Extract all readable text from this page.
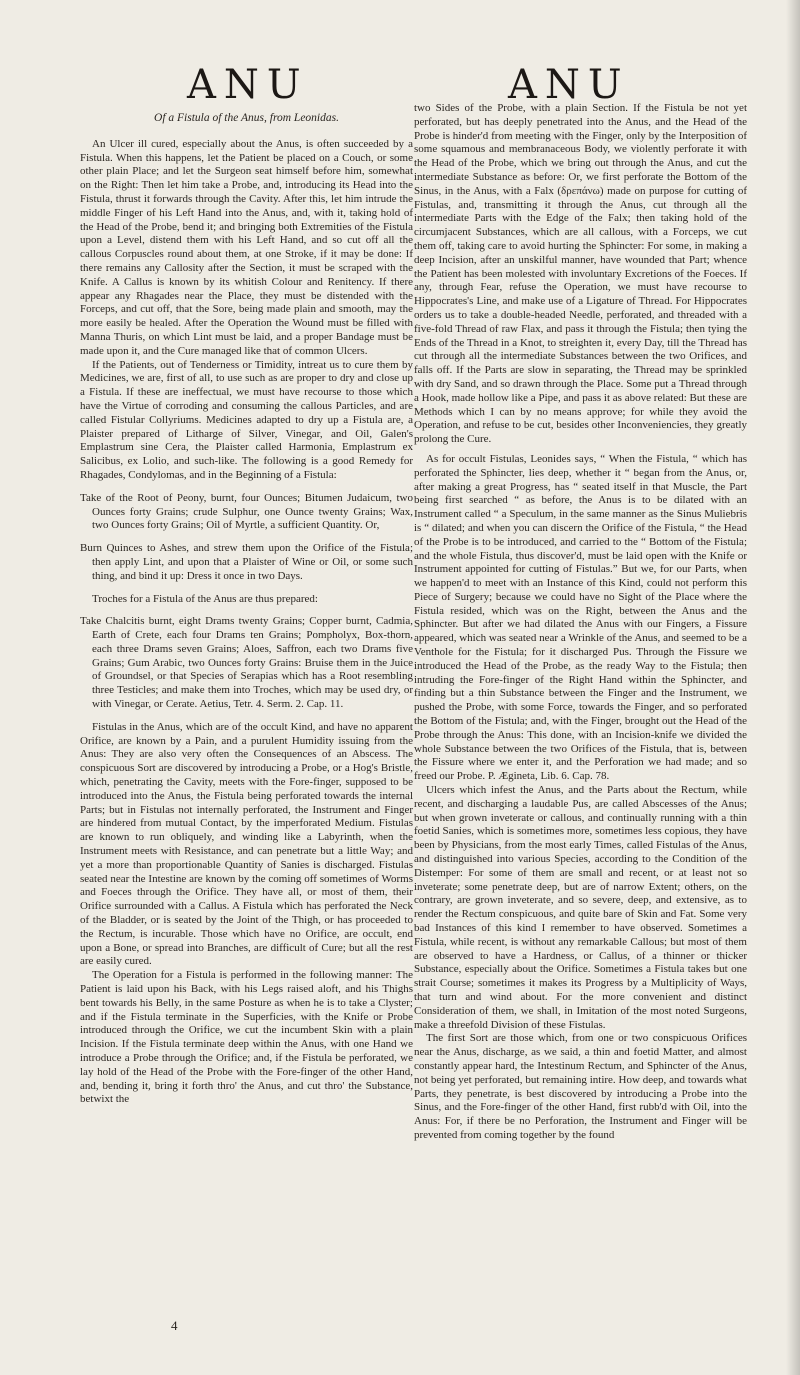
ANU	ANU
Of a Fistula of the Anus, from Leonidas.

An Ulcer ill cured, especially about the Anus, is often succeeded by a Fistula. When this happens, let the Patient be placed on a Couch, or some other plain Place; and let the Surgeon seat himself before him, somewhat on the Right: Then let him take a Probe, and, introducing its Head into the Fistula, thrust it forwards through the Cavity. After this, let him intrude the middle Finger of his Left Hand into the Anus, and, with it, taking hold of the Head of the Probe, bend it; and bringing both Extremities of the Fistula upon a Level, distend them with his Left Hand, and so cut off all the callous Corpuscles round about them, at one Stroke, if it may be done: If there remains any Callosity after the Section, it must be scraped with the Knife. A Callus is known by its whitish Colour and Renitency. If there appear any Rhagades near the Place, they must be distended with the Forceps, and cut off, that the Sore, being made plain and smooth, may the more easily be healed. After the Operation the Wound must be filled with Manna Thuris, on which Lint must be laid, and a proper Bandage must be made upon it, and the Cure managed like that of common Ulcers.

If the Patients, out of Tenderness or Timidity, intreat us to cure them by Medicines, we are, first of all, to use such as are proper to dry and close up a Fistula. If these are ineffectual, we must have recourse to those which have the Virtue of corroding and consuming the callous Particles, and are called Fistular Collyriums. Medicines adapted to dry up a Fistula are, a Plaister prepared of Litharge of Silver, Vinegar, and Oil, Galen's Emplastrum sine Cera, the Plaister called Harmonia, Emplastrum ex Salicibus, ex Lolio, and such-like. The following is a good Remedy for Rhagades, Condylomas, and in the Beginning of a Fistula:

Take of the Root of Peony, burnt, four Ounces; Bitumen Judaicum, two Ounces forty Grains; crude Sulphur, one Ounce twenty Grains; Wax, two Ounces forty Grains; Oil of Myrtle, a sufficient Quantity. Or,

Burn Quinces to Ashes, and strew them upon the Orifice of the Fistula; then apply Lint, and upon that a Plaister of Wine or Oil, or some such thing, and bind it up: Dress it once in two Days.

Troches for a Fistula of the Anus are thus prepared:

Take Chalcitis burnt, eight Drams twenty Grains; Copper burnt, Cadmia, Earth of Crete, each four Drams ten Grains; Pompholyx, Box-thorn, each three Drams seven Grains; Aloes, Saffron, each two Drams five Grains; Gum Arabic, two Ounces forty Grains: Bruise them in the Juice of Groundsel, or that Species of Serapias which has a Root resembling three Testicles; and make them into Troches, which may be used dry, or with Vinegar, or Cerate. Aetius, Tetr. 4. Serm. 2. Cap. 11.

Fistulas in the Anus, which are of the occult Kind, and have no apparent Orifice, are known by a Pain, and a purulent Humidity issuing from the Anus: They are also very often the Consequences of an Abscess. The conspicuous Sort are discovered by introducing a Probe, or a Hog's Bristle, which, penetrating the Cavity, meets with the Fore-finger, supposed to be introduced into the Anus, the Fistula being perforated towards the internal Parts; but in Fistulas not internally perforated, the Instrument and Finger are hindered from mutual Contact, by the imperforated Medium. Fistulas are known to run obliquely, and winding like a Labyrinth, when the Instrument meets with Resistance, and can penetrate but a little Way; and yet a more than proportionable Quantity of Sanies is discharged. Fistulas seated near the Intestine are known by the coming off sometimes of Worms and Foeces through the Orifice. They have all, or most of them, their Orifice surrounded with a Callus. A Fistula which has perforated the Neck of the Bladder, or is seated by the Joint of the Thigh, or has proceeded to the Rectum, is incurable. Those which have no Orifice, are occult, end upon a Bone, or spread into Branches, are difficult of Cure; but all the rest are easily cured.

The Operation for a Fistula is performed in the following manner: The Patient is laid upon his Back, with his Legs raised aloft, and his Thighs bent towards his Belly, in the same Posture as when he is to take a Clyster; and if the Fistula terminate in the Superficies, with the Knife or Probe introduced through the Orifice, we cut the incumbent Skin with a plain Incision. If the Fistula terminate deep within the Anus, with one Hand we introduce a Probe through the Orifice; and, if the Fistula be perforated, we lay hold of the Head of the Probe with the Fore-finger of the other Hand, and, bending it, bring it forth thro' the Anus, and cut thro' the Substance, betwixt the

two Sides of the Probe, with a plain Section. If the Fistula be not yet perforated, but has deeply penetrated into the Anus, and the Head of the Probe is hinder'd from meeting with the Finger, only by the Interposition of some squamous and membranaceous Body, we violently perforate it with the Head of the Probe, which we bring out through the Anus, and cut the intermediate Substance as before: Or, we first perforate the Bottom of the Sinus, in the Anus, with a Falx (δρεπάνω) made on purpose for cutting of Fistulas, and, transmitting it through the Anus, cut through all the intermediate Parts with the Edge of the Falx; then taking hold of the circumjacent Substances, which are all callous, with a Forceps, we cut them off, taking care to avoid hurting the Sphincter: For some, in making a deep Incision, after an unskilful manner, have wounded that Part; whence the Patient has been molested with involuntary Excretions of the Foeces. If any, through Fear, refuse the Operation, we must have recourse to Hippocrates's Line, and make use of a Ligature of Thread. For Hippocrates orders us to take a double-headed Needle, perforated, and threaded with a five-fold Thread of raw Flax, and pass it through the Fistula; then tying the Ends of the Thread in a Knot, to streighten it, every Day, till the Thread has cut through all the intermediate Substances between the two Orifices, and falls off. If the Parts are slow in separating, the Thread may be sprinkled with dry Sand, and so drawn through the Place. Some put a Thread through a Hook, made hollow like a Pipe, and pass it as above related: But these are Methods which I can by no means approve; for while they avoid the Operation, and refuse to be cut, besides other Inconveniencies, they greatly prolong the Cure.

As for occult Fistulas, Leonides says, “ When the Fistula, “ which has perforated the Sphincter, lies deep, whether it “ began from the Anus, or, after making a great Progress, has “ seated itself in that Muscle, the Part being first searched “ as before, the Anus is to be dilated with an Instrument called “ a Speculum, in the same manner as the Sinus Muliebris is “ dilated; and when you can discern the Orifice of the Fistula, “ the Head of the Probe is to be introduced, and carried to the “ Bottom of the Fistula; and the whole Fistula, thus discover'd, must be laid open with the Knife or Instrument appointed for cutting of Fistulas.” But we, for our Parts, when we happen'd to meet with an Instance of this Kind, could not perform this Piece of Surgery; because we could have no Sight of the Place where the Fistula resided, which was on the Right, between the Anus and the Sphincter. But after we had dilated the Anus with our Fingers, a Fissure appeared, which was seated near a Wrinkle of the Anus, and seemed to be a Venthole for the Fistula; for it discharged Pus. Through the Fissure we introduced the Head of the Probe, as the ready Way to the Fistula; then intruding the Fore-finger of the Right Hand within the Sphincter, and finding but a thin Substance between the Finger and the Instrument, we pushed the Probe, with some Force, towards the Finger, and so perforated the Bottom of the Fistula; and, with the Finger, brought out the Head of the Probe through the Anus: This done, with an Incision-knife we divided the whole Substance between the two Orifices of the Fistula, that is, between the Fissure where we enter it, and the Perforation we had made; and so freed our Probe. P. Ægineta, Lib. 6. Cap. 78.

Ulcers which infest the Anus, and the Parts about the Rectum, while recent, and discharging a laudable Pus, are called Abscesses of the Anus; but when grown inveterate or callous, and continually running with a thin foetid Sanies, which is sometimes more, sometimes less copious, they have been by Physicians, from the most early Times, called Fistulas of the Anus, and distinguished into various Species, according to the Condition of the Distemper: For some of them are small and recent, or at least not so inveterate; some penetrate deep, but are of narrow Extent; others, on the contrary, are grown inveterate, and so severe, deep, and extensive, as to render the Rectum conspicuous, and quite bare of Skin and Fat. Some very bad Instances of this kind I remember to have observed. Sometimes a Fistula, while recent, is without any remarkable Callous; but most of them are observed to have a Hardness, or Callus, of a thinner or thicker Substance, especially about the Orifice. Sometimes a Fistula takes but one strait Course; sometimes it makes its Progress by a Multiplicity of Ways, that turn and wind about. For the more convenient and distinct Consideration of them, we shall, in Imitation of the most noted Surgeons, make a threefold Division of these Fistulas.

The first Sort are those which, from one or two conspicuous Orifices near the Anus, discharge, as we said, a thin and foetid Matter, and almost constantly appear hard, the Intestinum Rectum, and Sphincter of the Anus, not being yet perforated, but remaining intire. How deep, and towards what Parts, they penetrate, is best discovered by introducing a Probe into the Sinus, and the Fore-finger of the other Hand, first rubb'd with Oil, into the Anus: For, if there be no Perforation, the Instrument and Finger will be prevented from coming together by the found

4
